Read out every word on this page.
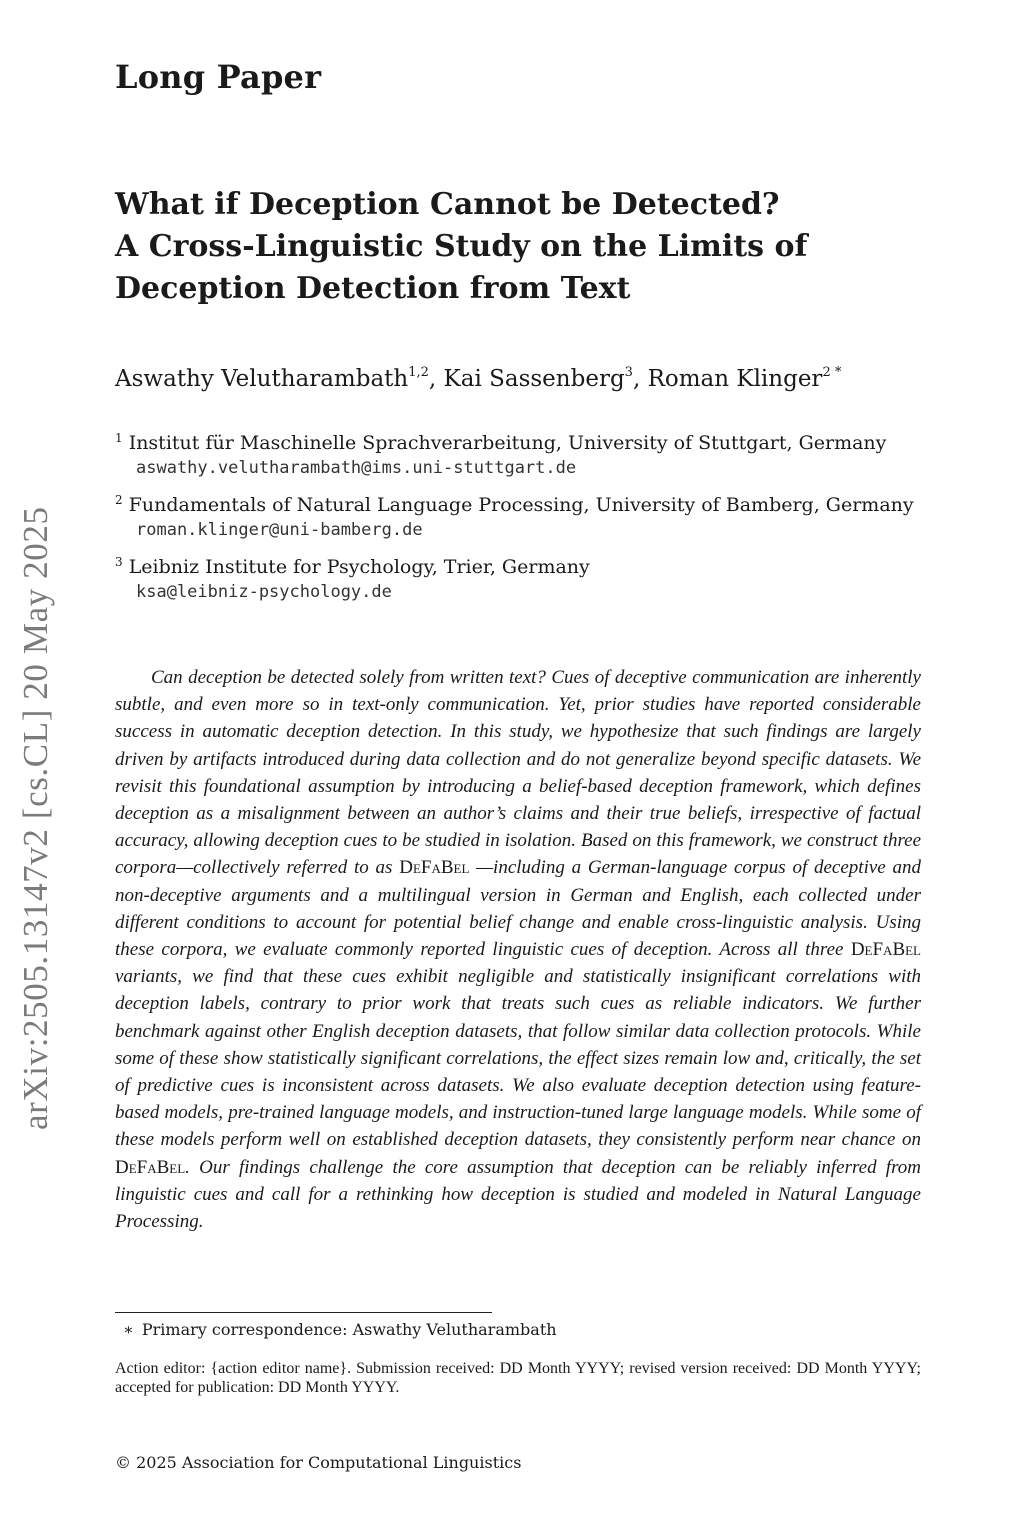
Long Paper
What if Deception Cannot be Detected?
A Cross-Linguistic Study on the Limits of
Deception Detection from Text
Aswathy Velutharambath$^{1,2}$, Kai Sassenberg$^3$, Roman Klinger$^{2 *}$
$^1$ Institut für Maschinelle Sprachverarbeitung, University of Stuttgart, Germany
aswathy.velutharambath@ims.uni-stuttgart.de
$^2$ Fundamentals of Natural Language Processing, University of Bamberg, Germany
roman.klinger@uni-bamberg.de
$^3$ Leibniz Institute for Psychology, Trier, Germany
ksa@leibniz-psychology.de
arXiv:2505.13147v2 [cs.CL] 20 May 2025	Can deception be detected solely from written text? Cues of deceptive communication are inherently subtle, and even more so in text-only communication. Yet, prior studies have reported considerable success in automatic deception detection. In this study, we hypothesize that such findings are largely driven by artifacts introduced during data collection and do not generalize beyond specific datasets. We revisit this foundational assumption by introducing a belief-based deception framework, which defines deception as a misalignment between an author’s claims and their true beliefs, irrespective of factual accuracy, allowing deception cues to be studied in isolation. Based on this framework, we construct three corpora—collectively referred to as DeFaBel —including a German-language corpus of deceptive and non-deceptive arguments and a multilingual version in German and English, each collected under different conditions to account for potential belief change and enable cross-linguistic analysis. Using these corpora, we evaluate commonly reported linguistic cues of deception. Across all three DeFaBel variants, we find that these cues exhibit negligible and statistically insignificant correlations with deception labels, contrary to prior work that treats such cues as reliable indicators. We further benchmark against other English deception datasets, that follow similar data collection protocols. While some of these show statistically significant correlations, the effect sizes remain low and, critically, the set of predictive cues is inconsistent across datasets. We also evaluate deception detection using feature-based models, pre-trained language models, and instruction-tuned large language models. While some of these models perform well on established deception datasets, they consistently perform near chance on DeFaBel. Our findings challenge the core assumption that deception can be reliably inferred from linguistic cues and call for a rethinking how deception is studied and modeled in Natural Language Processing.
∗ Primary correspondence: Aswathy Velutharambath
Action editor: {action editor name}. Submission received: DD Month YYYY; revised version received: DD Month YYYY; accepted for publication: DD Month YYYY.
© 2025 Association for Computational Linguistics
